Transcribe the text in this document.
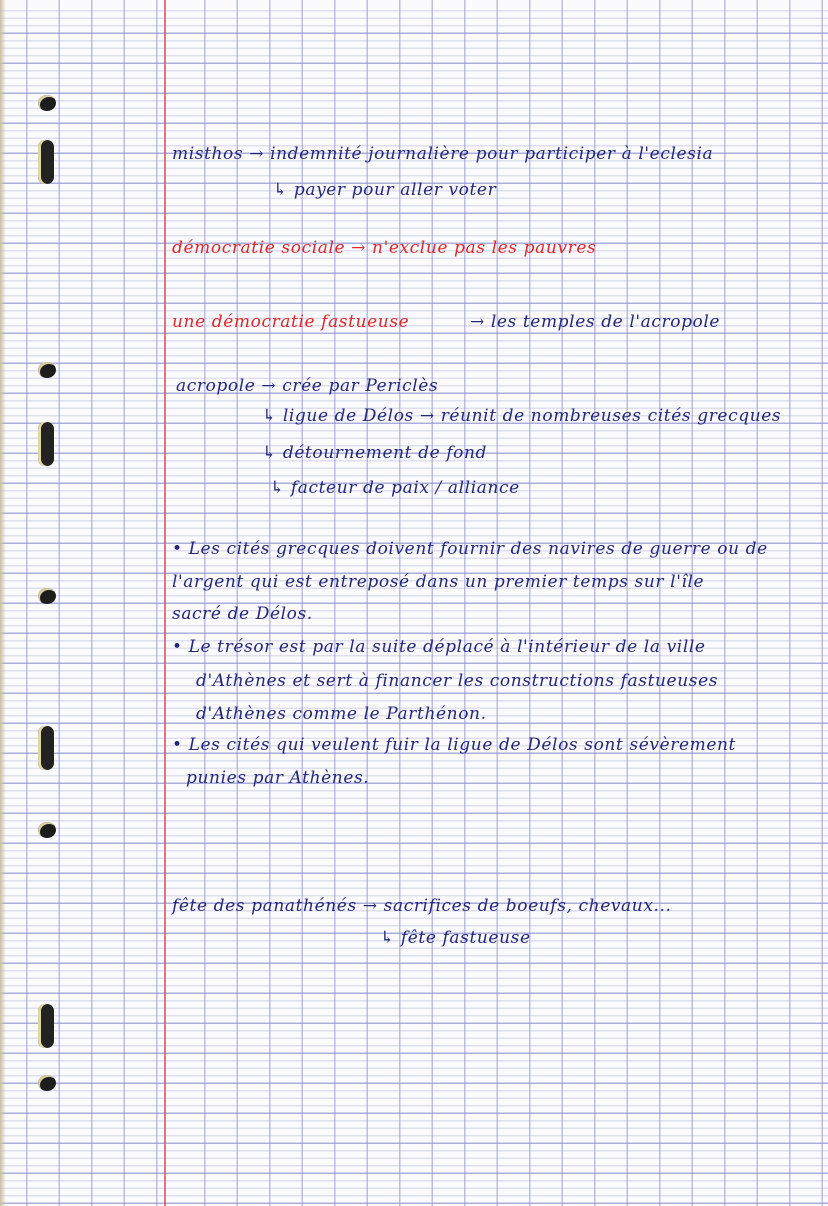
misthos → indemnité journalière pour participer à l'eclesia
↳ payer pour aller voter
démocratie sociale → n'exclue pas les pauvres
une démocratie fastueuse	→ les temples de l'acropole
acropole → crée par Periclès
↳ ligue de Délos → réunit de nombreuses cités grecques
↳ détournement de fond
↳ facteur de paix / alliance
• Les cités grecques doivent fournir des navires de guerre ou de
l'argent qui est entreposé dans un premier temps sur l'île
sacré de Délos.
• Le trésor est par la suite déplacé à l'intérieur de la ville
d'Athènes et sert à financer les constructions fastueuses
d'Athènes comme le Parthénon.
• Les cités qui veulent fuir la ligue de Délos sont sévèrement
punies par Athènes.
fête des panathénés → sacrifices de boeufs, chevaux...
↳ fête fastueuse
